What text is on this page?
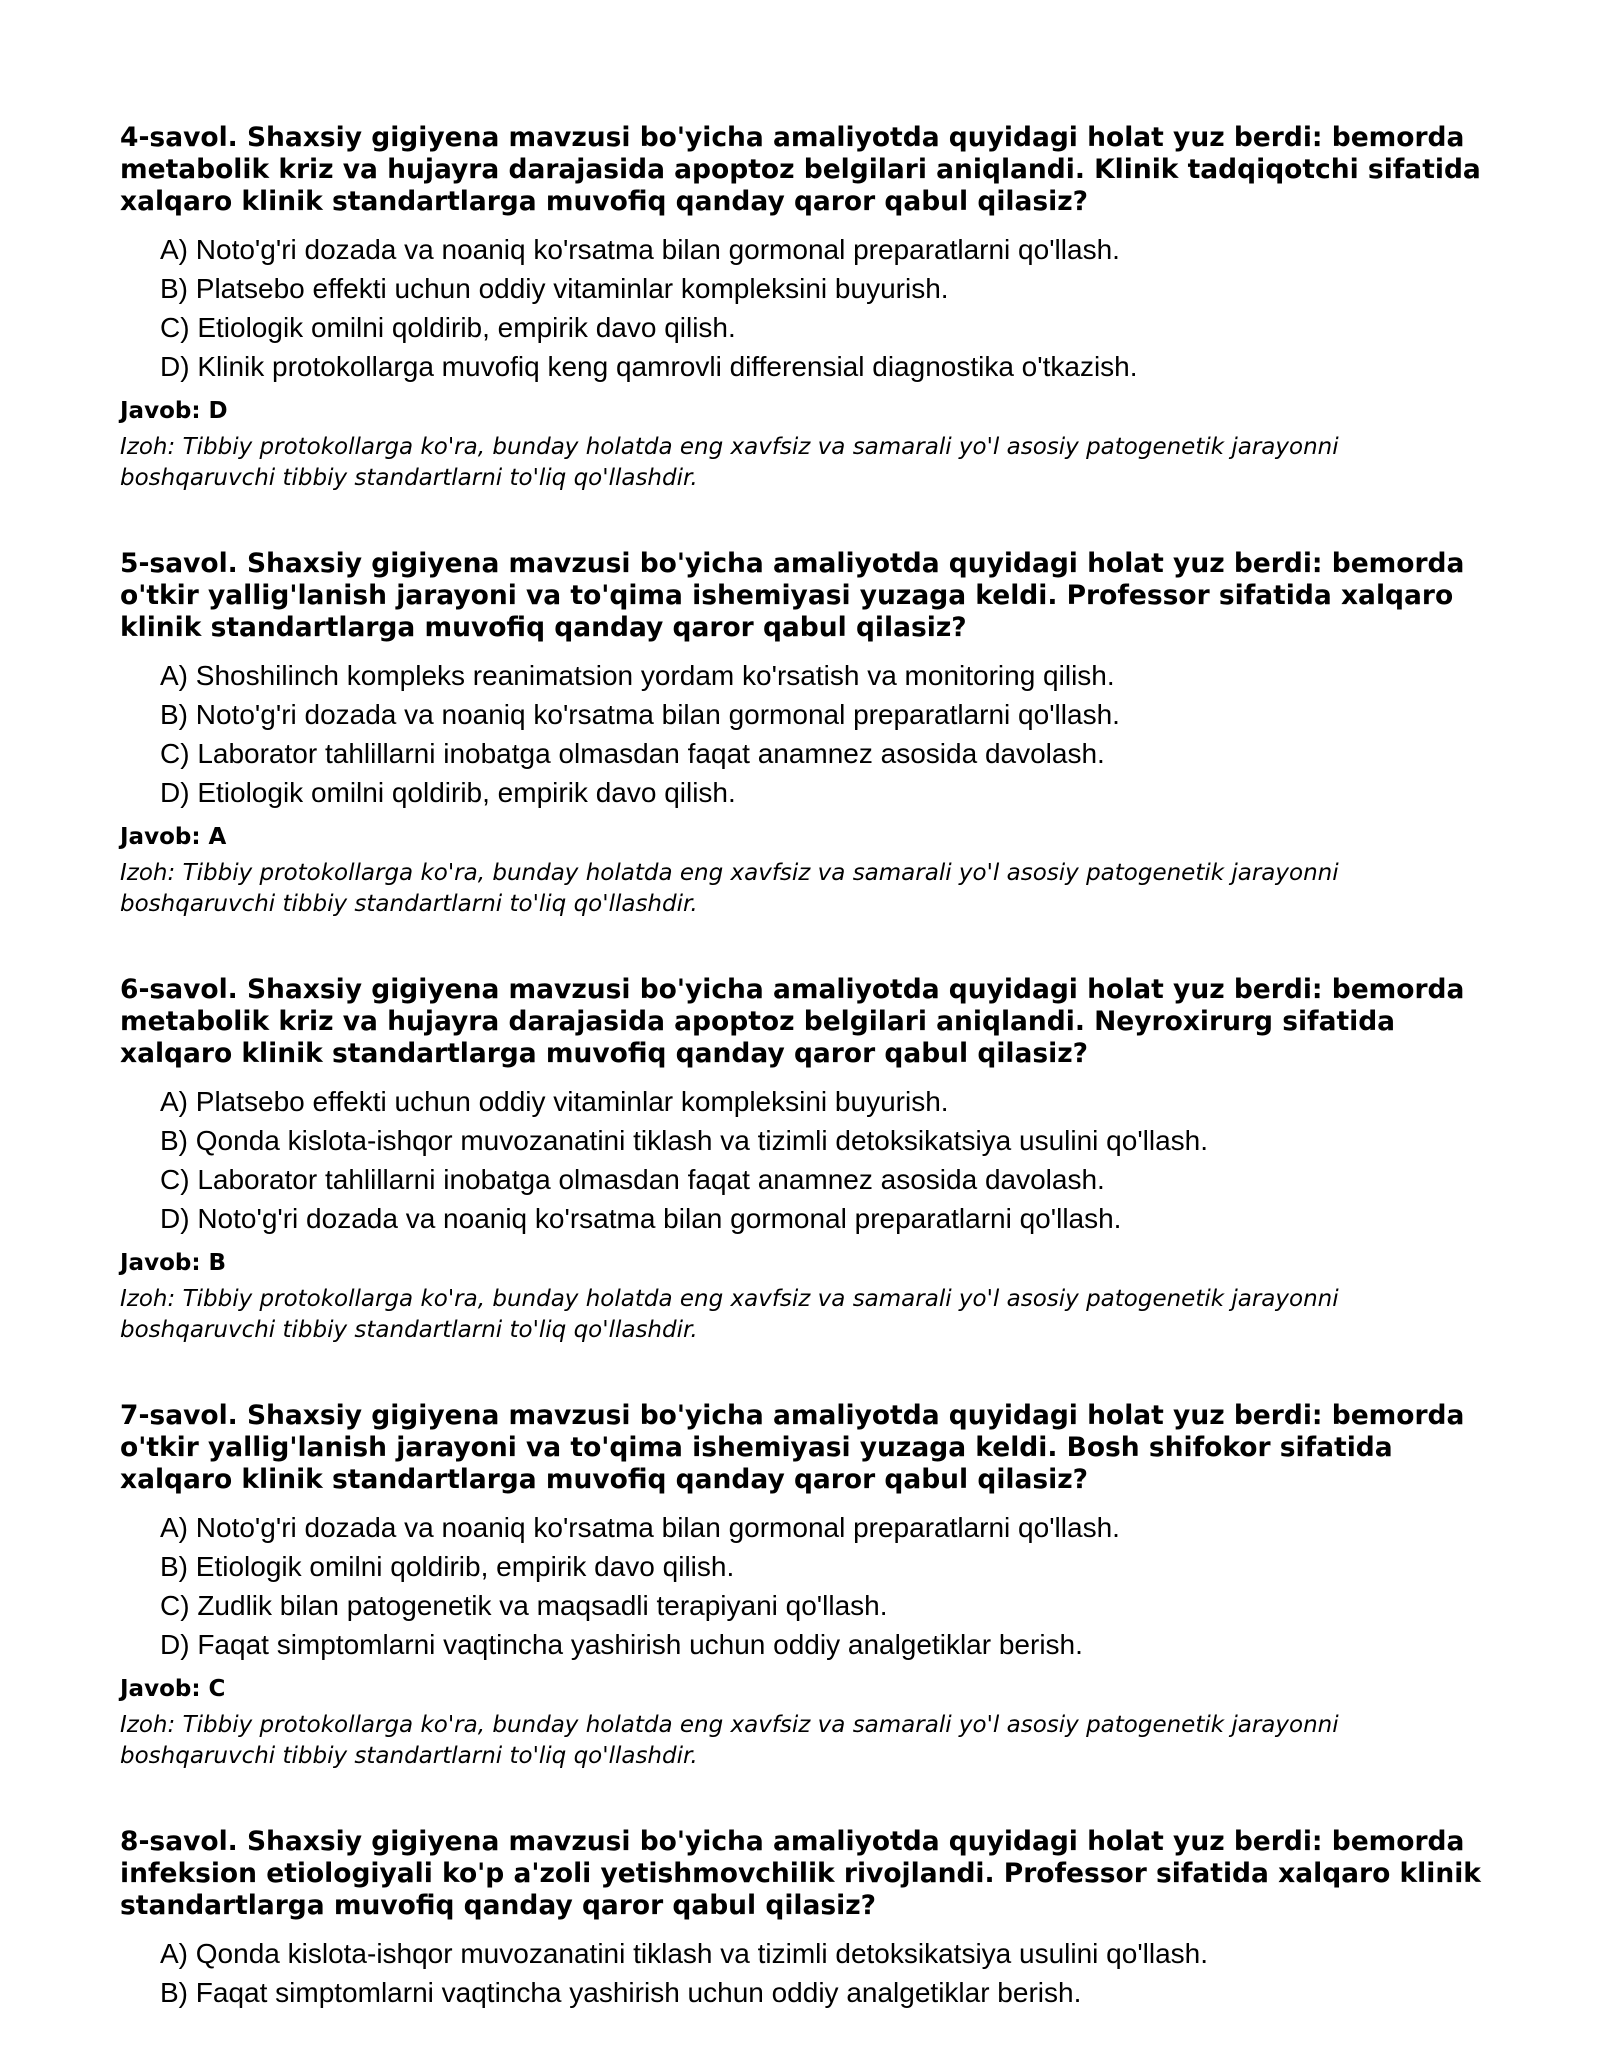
4-savol. Shaxsiy gigiyena mavzusi bo'yicha amaliyotda quyidagi holat yuz berdi: bemorda metabolik kriz va hujayra darajasida apoptoz belgilari aniqlandi. Klinik tadqiqotchi sifatida xalqaro klinik standartlarga muvofiq qanday qaror qabul qilasiz?

A) Noto'g'ri dozada va noaniq ko'rsatma bilan gormonal preparatlarni qo'llash.
B) Platsebo effekti uchun oddiy vitaminlar kompleksini buyurish.
C) Etiologik omilni qoldirib, empirik davo qilish.
D) Klinik protokollarga muvofiq keng qamrovli differensial diagnostika o'tkazish.

Javob: D

Izoh: Tibbiy protokollarga ko'ra, bunday holatda eng xavfsiz va samarali yo'l asosiy patogenetik jarayonni boshqaruvchi tibbiy standartlarni to'liq qo'llashdir.

5-savol. Shaxsiy gigiyena mavzusi bo'yicha amaliyotda quyidagi holat yuz berdi: bemorda o'tkir yallig'lanish jarayoni va to'qima ishemiyasi yuzaga keldi. Professor sifatida xalqaro klinik standartlarga muvofiq qanday qaror qabul qilasiz?

A) Shoshilinch kompleks reanimatsion yordam ko'rsatish va monitoring qilish.
B) Noto'g'ri dozada va noaniq ko'rsatma bilan gormonal preparatlarni qo'llash.
C) Laborator tahlillarni inobatga olmasdan faqat anamnez asosida davolash.
D) Etiologik omilni qoldirib, empirik davo qilish.

Javob: A

Izoh: Tibbiy protokollarga ko'ra, bunday holatda eng xavfsiz va samarali yo'l asosiy patogenetik jarayonni boshqaruvchi tibbiy standartlarni to'liq qo'llashdir.

6-savol. Shaxsiy gigiyena mavzusi bo'yicha amaliyotda quyidagi holat yuz berdi: bemorda metabolik kriz va hujayra darajasida apoptoz belgilari aniqlandi. Neyroxirurg sifatida xalqaro klinik standartlarga muvofiq qanday qaror qabul qilasiz?

A) Platsebo effekti uchun oddiy vitaminlar kompleksini buyurish.
B) Qonda kislota-ishqor muvozanatini tiklash va tizimli detoksikatsiya usulini qo'llash.
C) Laborator tahlillarni inobatga olmasdan faqat anamnez asosida davolash.
D) Noto'g'ri dozada va noaniq ko'rsatma bilan gormonal preparatlarni qo'llash.

Javob: B

Izoh: Tibbiy protokollarga ko'ra, bunday holatda eng xavfsiz va samarali yo'l asosiy patogenetik jarayonni boshqaruvchi tibbiy standartlarni to'liq qo'llashdir.

7-savol. Shaxsiy gigiyena mavzusi bo'yicha amaliyotda quyidagi holat yuz berdi: bemorda o'tkir yallig'lanish jarayoni va to'qima ishemiyasi yuzaga keldi. Bosh shifokor sifatida xalqaro klinik standartlarga muvofiq qanday qaror qabul qilasiz?

A) Noto'g'ri dozada va noaniq ko'rsatma bilan gormonal preparatlarni qo'llash.
B) Etiologik omilni qoldirib, empirik davo qilish.
C) Zudlik bilan patogenetik va maqsadli terapiyani qo'llash.
D) Faqat simptomlarni vaqtincha yashirish uchun oddiy analgetiklar berish.

Javob: C

Izoh: Tibbiy protokollarga ko'ra, bunday holatda eng xavfsiz va samarali yo'l asosiy patogenetik jarayonni boshqaruvchi tibbiy standartlarni to'liq qo'llashdir.

8-savol. Shaxsiy gigiyena mavzusi bo'yicha amaliyotda quyidagi holat yuz berdi: bemorda infeksion etiologiyali ko'p a'zoli yetishmovchilik rivojlandi. Professor sifatida xalqaro klinik standartlarga muvofiq qanday qaror qabul qilasiz?

A) Qonda kislota-ishqor muvozanatini tiklash va tizimli detoksikatsiya usulini qo'llash.
B) Faqat simptomlarni vaqtincha yashirish uchun oddiy analgetiklar berish.
